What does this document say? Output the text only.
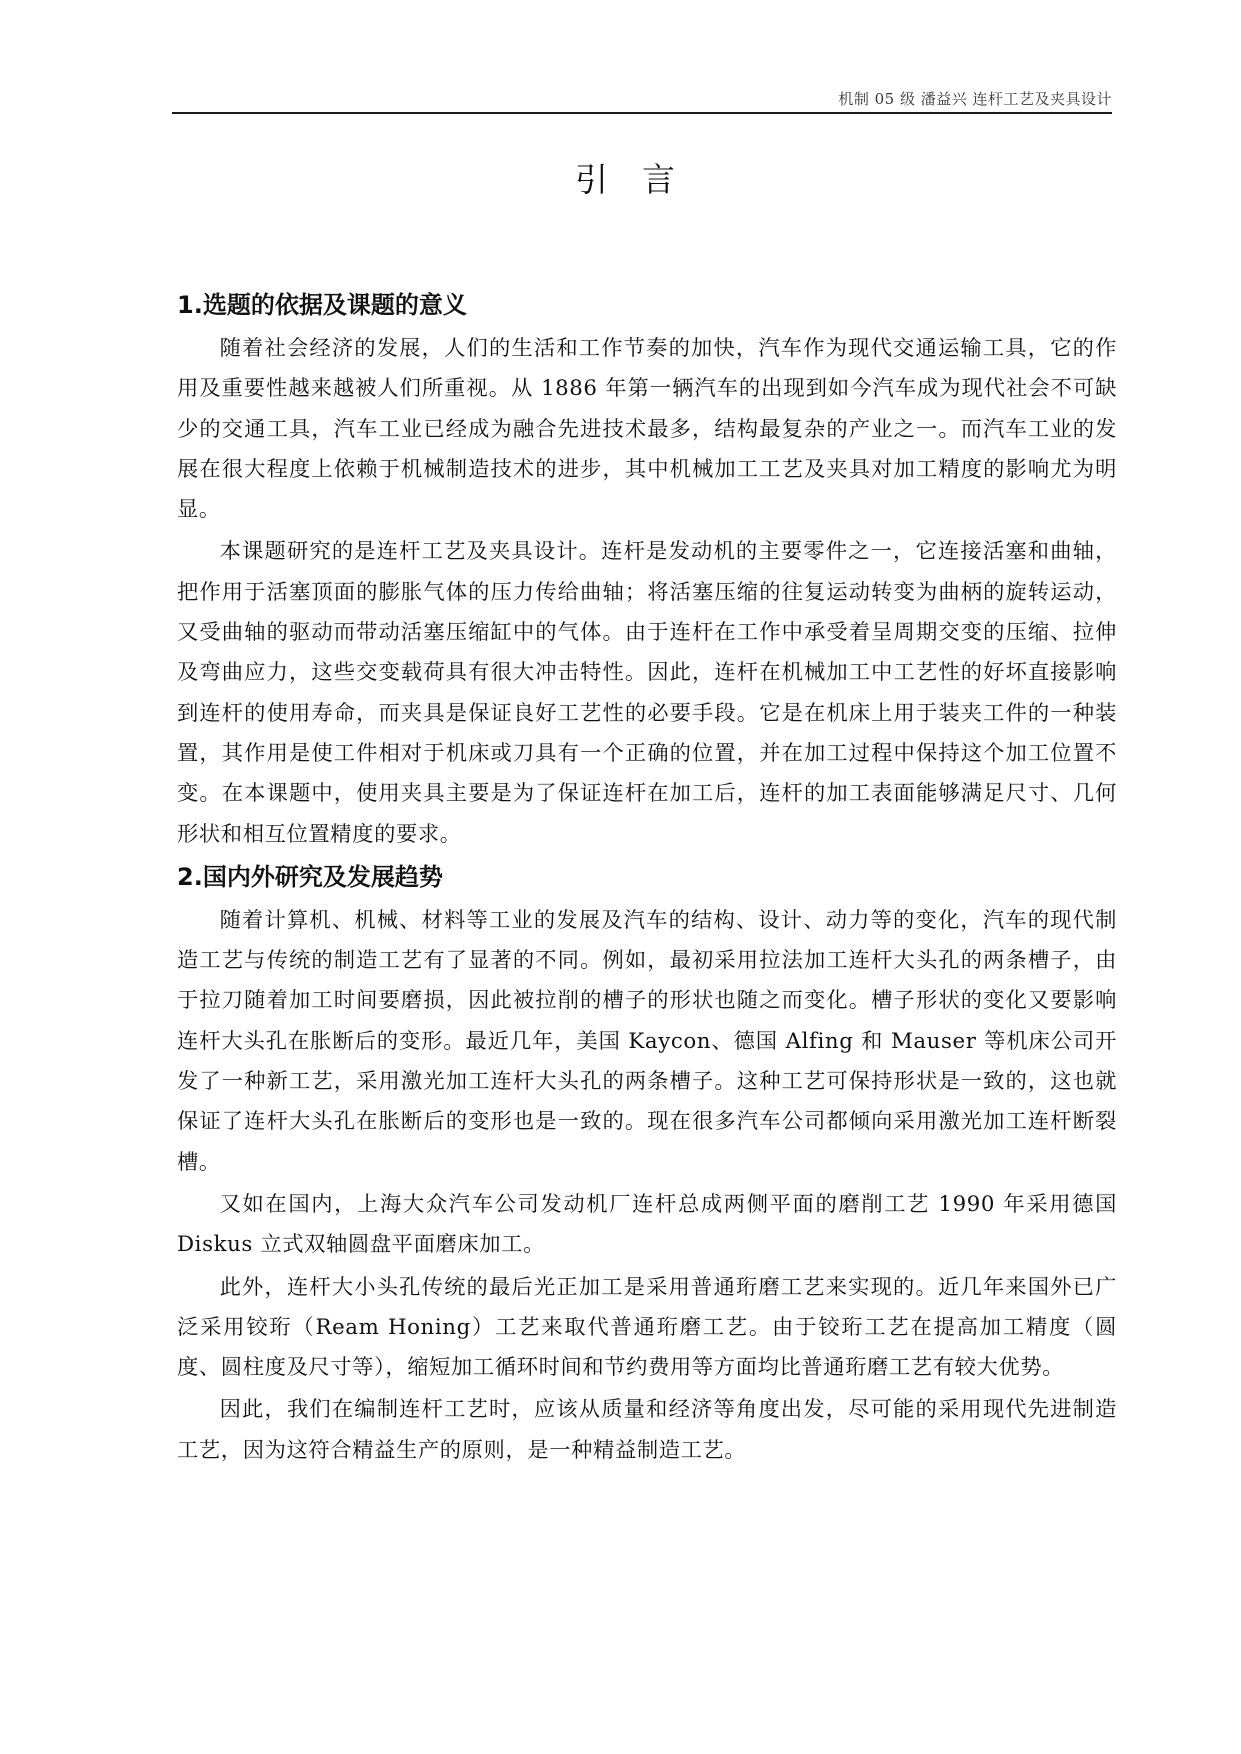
机制 05 级 潘益兴 连杆工艺及夹具设计
引言
1.选题的依据及课题的意义

随着社会经济的发展，人们的生活和工作节奏的加快，汽车作为现代交通运输工具，它的作用及重要性越来越被人们所重视。从 1886 年第一辆汽车的出现到如今汽车成为现代社会不可缺少的交通工具，汽车工业已经成为融合先进技术最多，结构最复杂的产业之一。而汽车工业的发展在很大程度上依赖于机械制造技术的进步，其中机械加工工艺及夹具对加工精度的影响尤为明显。

本课题研究的是连杆工艺及夹具设计。连杆是发动机的主要零件之一，它连接活塞和曲轴，把作用于活塞顶面的膨胀气体的压力传给曲轴；将活塞压缩的往复运动转变为曲柄的旋转运动，又受曲轴的驱动而带动活塞压缩缸中的气体。由于连杆在工作中承受着呈周期交变的压缩、拉伸及弯曲应力，这些交变载荷具有很大冲击特性。因此，连杆在机械加工中工艺性的好坏直接影响到连杆的使用寿命，而夹具是保证良好工艺性的必要手段。它是在机床上用于装夹工件的一种装置，其作用是使工件相对于机床或刀具有一个正确的位置，并在加工过程中保持这个加工位置不变。在本课题中，使用夹具主要是为了保证连杆在加工后，连杆的加工表面能够满足尺寸、几何形状和相互位置精度的要求。

2.国内外研究及发展趋势

随着计算机、机械、材料等工业的发展及汽车的结构、设计、动力等的变化，汽车的现代制造工艺与传统的制造工艺有了显著的不同。例如，最初采用拉法加工连杆大头孔的两条槽子，由于拉刀随着加工时间要磨损，因此被拉削的槽子的形状也随之而变化。槽子形状的变化又要影响连杆大头孔在胀断后的变形。最近几年，美国 Kaycon、德国 Alfing 和 Mauser 等机床公司开发了一种新工艺，采用激光加工连杆大头孔的两条槽子。这种工艺可保持形状是一致的，这也就保证了连杆大头孔在胀断后的变形也是一致的。现在很多汽车公司都倾向采用激光加工连杆断裂槽。

又如在国内，上海大众汽车公司发动机厂连杆总成两侧平面的磨削工艺 1990 年采用德国 Diskus 立式双轴圆盘平面磨床加工。

此外，连杆大小头孔传统的最后光正加工是采用普通珩磨工艺来实现的。近几年来国外已广泛采用铰珩（Ream Honing）工艺来取代普通珩磨工艺。由于铰珩工艺在提高加工精度（圆度、圆柱度及尺寸等），缩短加工循环时间和节约费用等方面均比普通珩磨工艺有较大优势。

因此，我们在编制连杆工艺时，应该从质量和经济等角度出发，尽可能的采用现代先进制造工艺，因为这符合精益生产的原则，是一种精益制造工艺。
